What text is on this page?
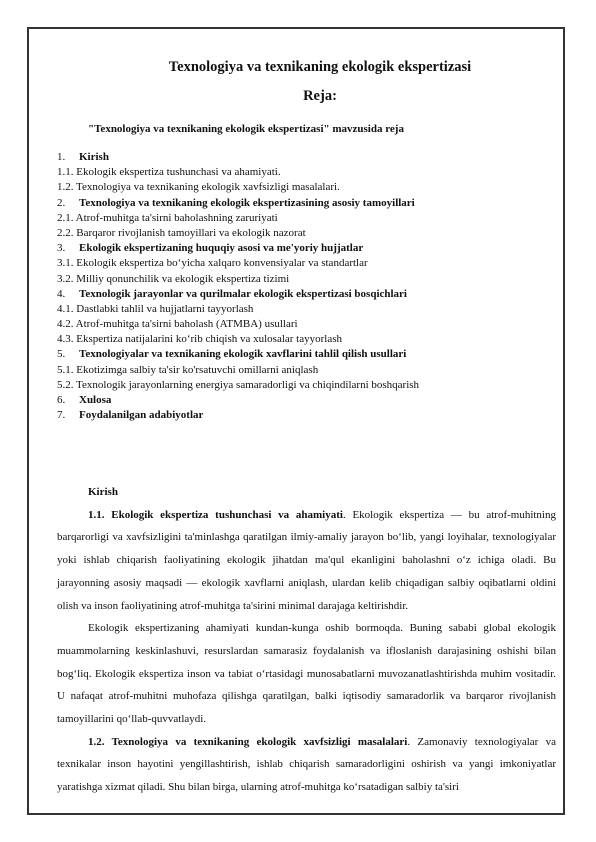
Texnologiya va texnikaning ekologik ekspertizasi
Reja:
"Texnologiya va texnikaning ekologik ekspertizasi" mavzusida reja
1. Kirish
1.1. Ekologik ekspertiza tushunchasi va ahamiyati.
1.2. Texnologiya va texnikaning ekologik xavfsizligi masalalari.
2. Texnologiya va texnikaning ekologik ekspertizasining asosiy tamoyillari
2.1. Atrof-muhitga ta'sirni baholashning zaruriyati
2.2. Barqaror rivojlanish tamoyillari va ekologik nazorat
3. Ekologik ekspertizaning huquqiy asosi va me'yoriy hujjatlar
3.1. Ekologik ekspertiza bo‘yicha xalqaro konvensiyalar va standartlar
3.2. Milliy qonunchilik va ekologik ekspertiza tizimi
4. Texnologik jarayonlar va qurilmalar ekologik ekspertizasi bosqichlari
4.1. Dastlabki tahlil va hujjatlarni tayyorlash
4.2. Atrof-muhitga ta'sirni baholash (ATMBA) usullari
4.3. Ekspertiza natijalarini ko‘rib chiqish va xulosalar tayyorlash
5. Texnologiyalar va texnikaning ekologik xavflarini tahlil qilish usullari
5.1. Ekotizimga salbiy ta'sir ko'rsatuvchi omillarni aniqlash
5.2. Texnologik jarayonlarning energiya samaradorligi va chiqindilarni boshqarish
6. Xulosa
7. Foydalanilgan adabiyotlar

Kirish

1.1. Ekologik ekspertiza tushunchasi va ahamiyati. Ekologik ekspertiza — bu atrof-muhitning barqarorligi va xavfsizligini ta'minlashga qaratilgan ilmiy-amaliy jarayon bo‘lib, yangi loyihalar, texnologiyalar yoki ishlab chiqarish faoliyatining ekologik jihatdan ma'qul ekanligini baholashni o‘z ichiga oladi. Bu jarayonning asosiy maqsadi — ekologik xavflarni aniqlash, ulardan kelib chiqadigan salbiy oqibatlarni oldini olish va inson faoliyatining atrof-muhitga ta'sirini minimal darajaga keltirishdir.

Ekologik ekspertizaning ahamiyati kundan-kunga oshib bormoqda. Buning sababi global ekologik muammolarning keskinlashuvi, resurslardan samarasiz foydalanish va ifloslanish darajasining oshishi bilan bog‘liq. Ekologik ekspertiza inson va tabiat o‘rtasidagi munosabatlarni muvozanatlashtirishda muhim vositadir. U nafaqat atrof-muhitni muhofaza qilishga qaratilgan, balki iqtisodiy samaradorlik va barqaror rivojlanish tamoyillarini qo‘llab-quvvatlaydi.

1.2. Texnologiya va texnikaning ekologik xavfsizligi masalalari. Zamonaviy texnologiyalar va texnikalar inson hayotini yengillashtirish, ishlab chiqarish samaradorligini oshirish va yangi imkoniyatlar yaratishga xizmat qiladi. Shu bilan birga, ularning atrof-muhitga ko‘rsatadigan salbiy ta'siri
